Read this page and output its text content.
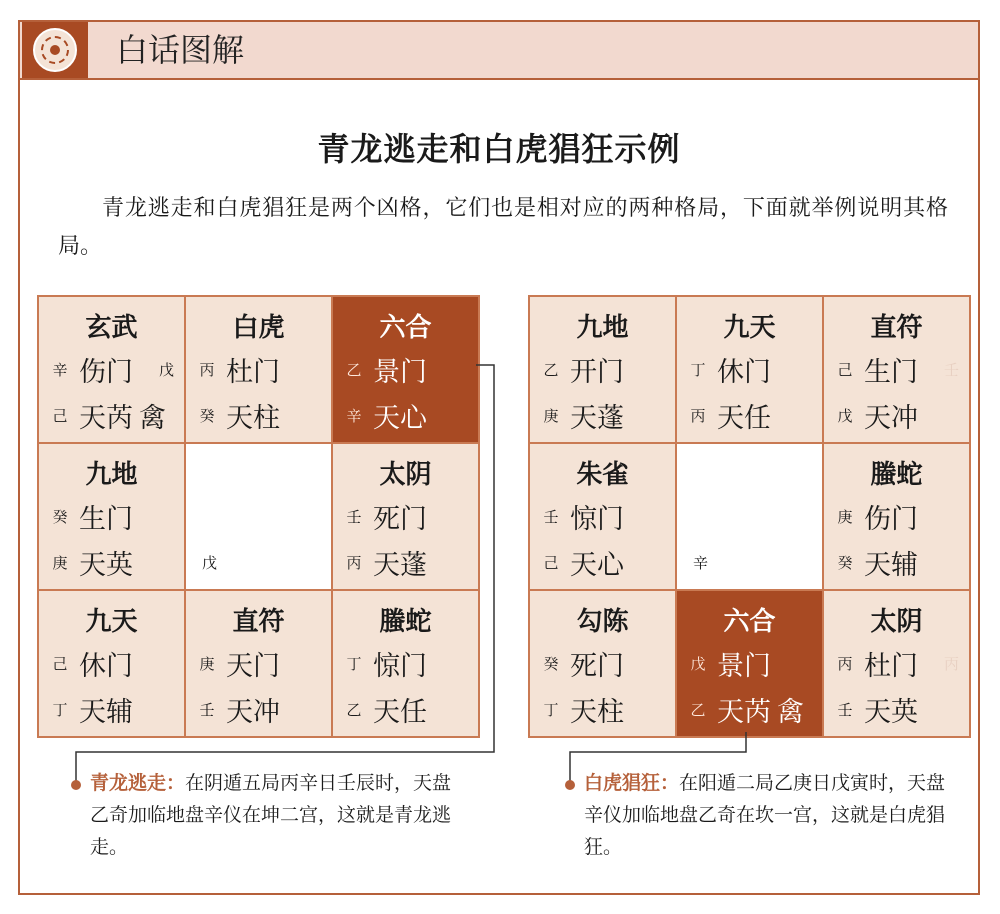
白话图解
青龙逃走和白虎猖狂示例
青龙逃走和白虎猖狂是两个凶格，它们也是相对应的两种格局，下面就举例说明其格局。
玄武
辛 伤门 戊
己 天芮 禽
白虎
丙 杜门
癸 天柱
六合
乙 景门
辛 天心
九地
癸 生门
庚 天英	戊
太阴
壬 死门
丙 天蓬
九天
己 休门
丁 天辅
直符
庚 天门
壬 天冲
螣蛇
丁 惊门
乙 天任
九地
乙 开门
庚 天蓬
九天
丁 休门
丙 天任
直符
己 生门 壬
戊 天冲
朱雀
壬 惊门
己 天心	辛
螣蛇
庚 伤门
癸 天辅
勾陈
癸 死门
丁 天柱
六合
戊 景门
乙 天芮 禽
太阴
丙 杜门 丙
壬 天英
青龙逃走：在阴遁五局丙辛日壬辰时，天盘乙奇加临地盘辛仪在坤二宫，这就是青龙逃走。
白虎猖狂：在阳遁二局乙庚日戊寅时，天盘辛仪加临地盘乙奇在坎一宫，这就是白虎猖狂。
